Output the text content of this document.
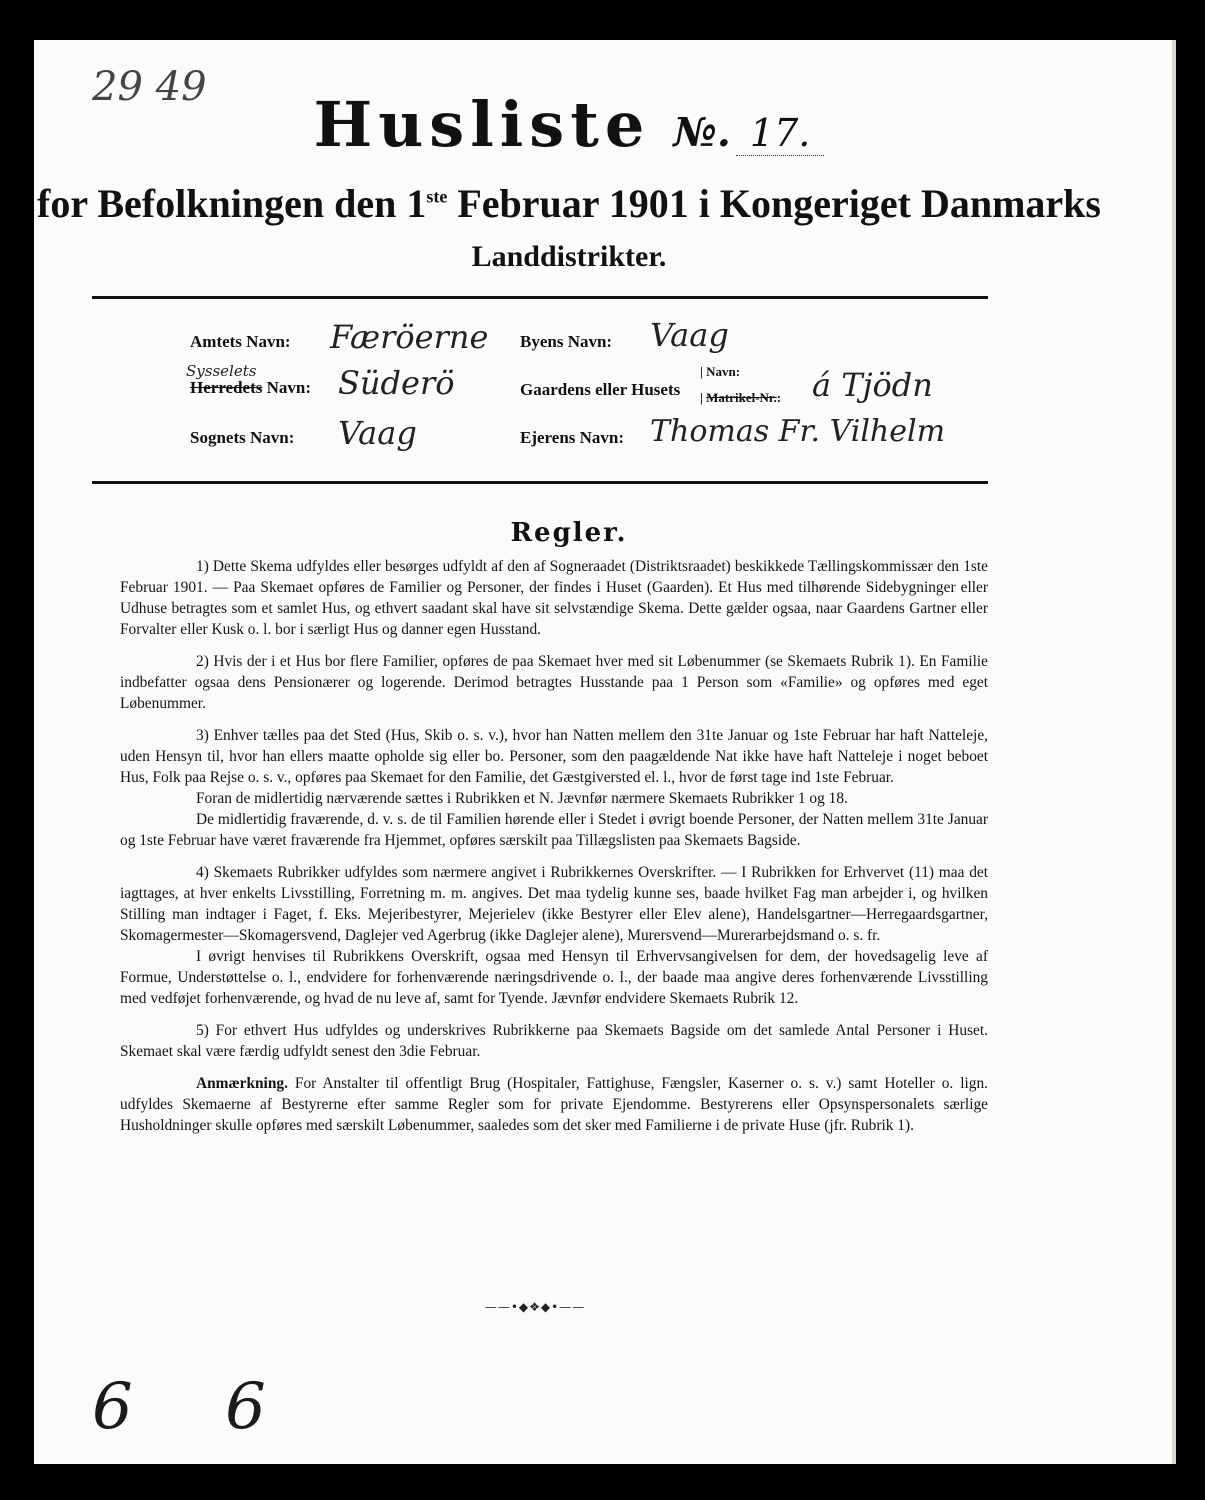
29 49
Husliste №. 17.
for Befolkningen den 1ste Februar 1901 i Kongeriget Danmarks
Landdistrikter.
Amtets Navn: Færöerne
Sysselets
Herredets Navn: Süderö
Sognets Navn: Vaag
Byens Navn: Vaag
Gaardens eller Husets
| Navn:
| Matrikel-Nr.: á Tjödn
Ejerens Navn: Thomas Fr. Vilhelm
Regler.

1) Dette Skema udfyldes eller besørges udfyldt af den af Sogneraadet (Distriktsraadet) beskikkede Tællingskommissær den 1ste Februar 1901. — Paa Skemaet opføres de Familier og Personer, der findes i Huset (Gaarden). Et Hus med tilhørende Sidebygninger eller Udhuse betragtes som et samlet Hus, og ethvert saadant skal have sit selvstændige Skema. Dette gælder ogsaa, naar Gaardens Gartner eller Forvalter eller Kusk o. l. bor i særligt Hus og danner egen Husstand.

2) Hvis der i et Hus bor flere Familier, opføres de paa Skemaet hver med sit Løbenummer (se Skemaets Rubrik 1). En Familie indbefatter ogsaa dens Pensionærer og logerende. Derimod betragtes Husstande paa 1 Person som «Familie» og opføres med eget Løbenummer.

3) Enhver tælles paa det Sted (Hus, Skib o. s. v.), hvor han Natten mellem den 31te Januar og 1ste Februar har haft Natteleje, uden Hensyn til, hvor han ellers maatte opholde sig eller bo. Personer, som den paagældende Nat ikke have haft Natteleje i noget beboet Hus, Folk paa Rejse o. s. v., opføres paa Skemaet for den Familie, det Gæstgiversted el. l., hvor de først tage ind 1ste Februar.

Foran de midlertidig nærværende sættes i Rubrikken et N. Jævnfør nærmere Skemaets Rubrikker 1 og 18.

De midlertidig fraværende, d. v. s. de til Familien hørende eller i Stedet i øvrigt boende Personer, der Natten mellem 31te Januar og 1ste Februar have været fraværende fra Hjemmet, opføres særskilt paa Tillægslisten paa Skemaets Bagside.

4) Skemaets Rubrikker udfyldes som nærmere angivet i Rubrikkernes Overskrifter. — I Rubrikken for Erhvervet (11) maa det iagttages, at hver enkelts Livsstilling, Forretning m. m. angives. Det maa tydelig kunne ses, baade hvilket Fag man arbejder i, og hvilken Stilling man indtager i Faget, f. Eks. Mejeribestyrer, Mejerielev (ikke Bestyrer eller Elev alene), Handelsgartner—Herregaardsgartner, Skomagermester—Skomagersvend, Daglejer ved Agerbrug (ikke Daglejer alene), Murersvend—Murerarbejdsmand o. s. fr.

I øvrigt henvises til Rubrikkens Overskrift, ogsaa med Hensyn til Erhvervsangivelsen for dem, der hovedsagelig leve af Formue, Understøttelse o. l., endvidere for forhenværende næringsdrivende o. l., der baade maa angive deres forhenværende Livsstilling med vedføjet forhenværende, og hvad de nu leve af, samt for Tyende. Jævnfør endvidere Skemaets Rubrik 12.

5) For ethvert Hus udfyldes og underskrives Rubrikkerne paa Skemaets Bagside om det samlede Antal Personer i Huset. Skemaet skal være færdig udfyldt senest den 3die Februar.

Anmærkning. For Anstalter til offentligt Brug (Hospitaler, Fattighuse, Fængsler, Kaserner o. s. v.) samt Hoteller o. lign. udfyldes Skemaerne af Bestyrerne efter samme Regler som for private Ejendomme. Bestyrerens eller Opsynspersonalets særlige Husholdninger skulle opføres med særskilt Løbenummer, saaledes som det sker med Familierne i de private Huse (jfr. Rubrik 1).

——•◆❖◆•——
6 6
